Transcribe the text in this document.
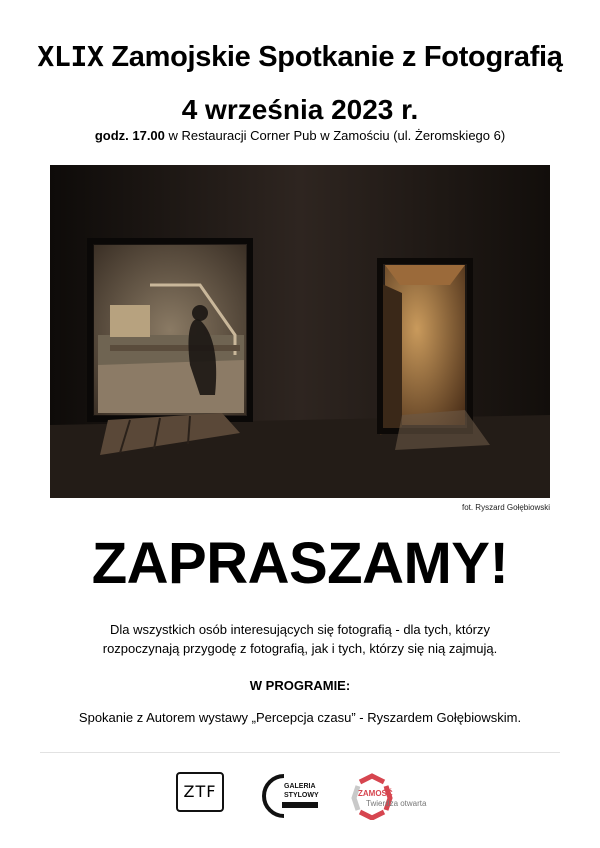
XLIX Zamojskie Spotkanie z Fotografią
4 września 2023 r.
godz. 17.00 w Restauracji Corner Pub w Zamościu (ul. Żeromskiego 6)
fot. Ryszard Gołębiowski
ZAPRASZAMY!
Dla wszystkich osób interesujących się fotografią - dla tych, którzy rozpoczynają przygodę z fotografią, jak i tych, którzy się nią zajmują.
W PROGRAMIE:
Spokanie z Autorem wystawy „Percepcja czasu” - Ryszardem Gołębiowskim.
ZTF	GALERIA
STYLOWY	ZAMOŚĆ
Twierdza otwarta
